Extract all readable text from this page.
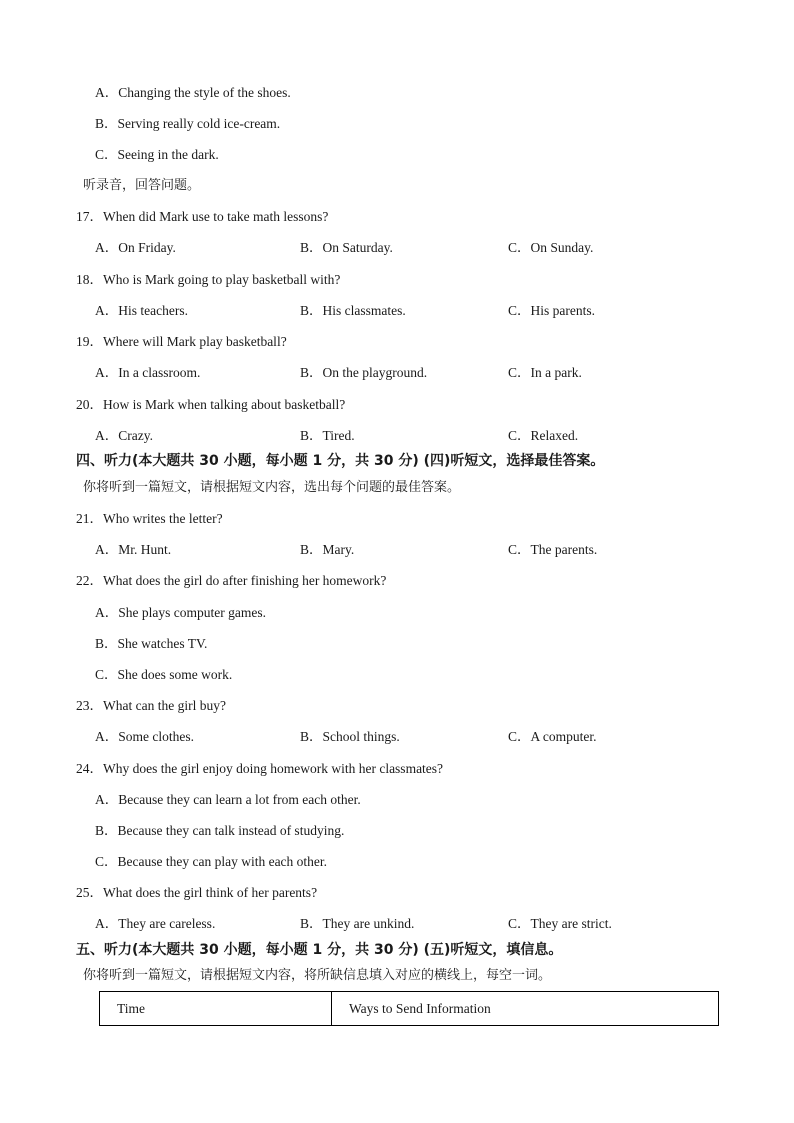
A．Changing the style of the shoes.
B．Serving really cold ice-cream.
C．Seeing in the dark.
听录音，回答问题。
17．When did Mark use to take math lessons?
A．On Friday.	B．On Saturday.	C．On Sunday.
18．Who is Mark going to play basketball with?
A．His teachers.	B．His classmates.	C．His parents.
19．Where will Mark play basketball?
A．In a classroom.	B．On the playground.	C．In a park.
20．How is Mark when talking about basketball?
A．Crazy.	B．Tired.	C．Relaxed.
四、听力(本大题共 30 小题，每小题 1 分，共 30 分) (四)听短文，选择最佳答案。
你将听到一篇短文，请根据短文内容，选出每个问题的最佳答案。
21．Who writes the letter?
A．Mr. Hunt.	B．Mary.	C．The parents.
22．What does the girl do after finishing her homework?
A．She plays computer games.
B．She watches TV.
C．She does some work.
23．What can the girl buy?
A．Some clothes.	B．School things.	C．A computer.
24．Why does the girl enjoy doing homework with her classmates?
A．Because they can learn a lot from each other.
B．Because they can talk instead of studying.
C．Because they can play with each other.
25．What does the girl think of her parents?
A．They are careless.	B．They are unkind.	C．They are strict.
五、听力(本大题共 30 小题，每小题 1 分，共 30 分) (五)听短文，填信息。
你将听到一篇短文，请根据短文内容，将所缺信息填入对应的横线上，每空一词。
Time	Ways to Send Information
